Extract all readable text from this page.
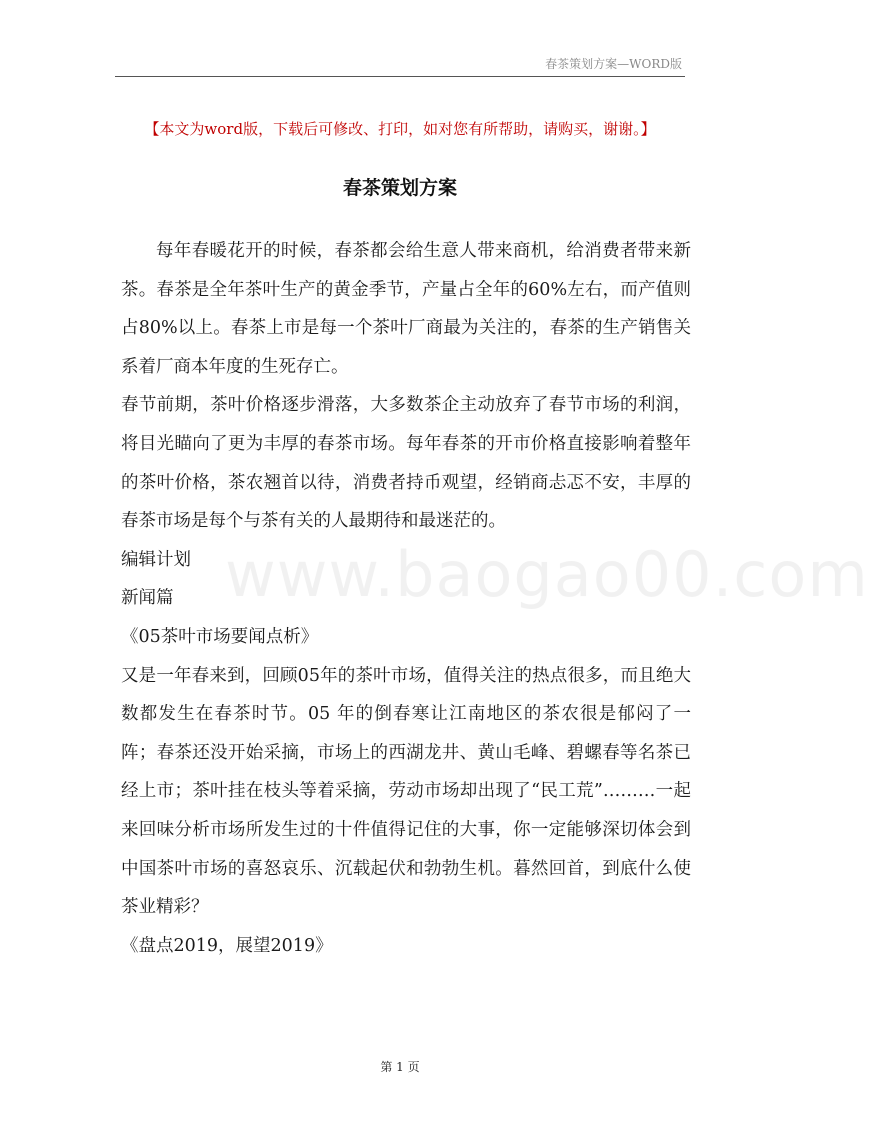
春茶策划方案—WORD版
【本文为word版，下载后可修改、打印，如对您有所帮助，请购买，谢谢。】
春茶策划方案
www.baogao00.com

每年春暖花开的时候，春茶都会给生意人带来商机，给消费者带来新茶。春茶是全年茶叶生产的黄金季节，产量占全年的60%左右，而产值则占80%以上。春茶上市是每一个茶叶厂商最为关注的，春茶的生产销售关系着厂商本年度的生死存亡。

春节前期，茶叶价格逐步滑落，大多数茶企主动放弃了春节市场的利润，将目光瞄向了更为丰厚的春茶市场。每年春茶的开市价格直接影响着整年的茶叶价格，茶农翘首以待，消费者持币观望，经销商忐忑不安，丰厚的春茶市场是每个与茶有关的人最期待和最迷茫的。

编辑计划

新闻篇

《05茶叶市场要闻点析》

又是一年春来到，回顾05年的茶叶市场，值得关注的热点很多，而且绝大数都发生在春茶时节。05 年的倒春寒让江南地区的茶农很是郁闷了一阵；春茶还没开始采摘，市场上的西湖龙井、黄山毛峰、碧螺春等名茶已经上市；茶叶挂在枝头等着采摘，劳动市场却出现了“民工荒”………一起来回味分析市场所发生过的十件值得记住的大事，你一定能够深切体会到中国茶叶市场的喜怒哀乐、沉载起伏和勃勃生机。暮然回首，到底什么使茶业精彩？

《盘点2019，展望2019》

第 1 页
